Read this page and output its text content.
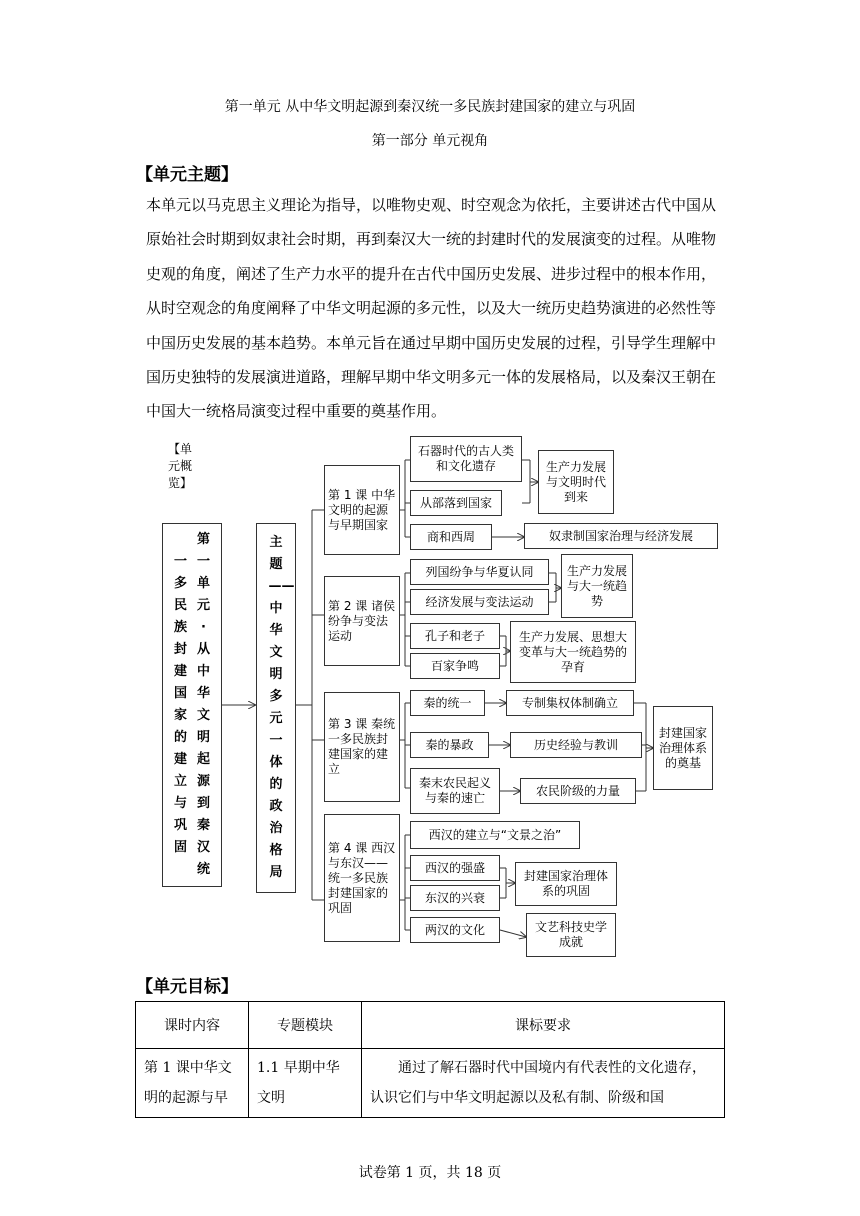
第一单元 从中华文明起源到秦汉统一多民族封建国家的建立与巩固
第一部分 单元视角
【单元主题】
本单元以马克思主义理论为指导，以唯物史观、时空观念为依托，主要讲述古代中国从
原始社会时期到奴隶社会时期，再到秦汉大一统的封建时代的发展演变的过程。从唯物
史观的角度，阐述了生产力水平的提升在古代中国历史发展、进步过程中的根本作用，
从时空观念的角度阐释了中华文明起源的多元性，以及大一统历史趋势演进的必然性等
中国历史发展的基本趋势。本单元旨在通过早期中国历史发展的过程，引导学生理解中
国历史独特的发展演进道路，理解早期中华文明多元一体的发展格局，以及秦汉王朝在
中国大一统格局演变过程中重要的奠基作用。
【单元概览】
一多民族封建国家的建立与巩固
第一单元·从中华文明起源到秦汉统
主题——中华文明多元一体的政治格局
第 1 课 中华文明的起源与早期国家
第 2 课 诸侯纷争与变法运动
第 3 课 秦统一多民族封建国家的建立
第 4 课 西汉与东汉——统一多民族封建国家的巩固
石器时代的古人类和文化遗存
从部落到国家
商和西周
生产力发展与文明时代到来
奴隶制国家治理与经济发展
列国纷争与华夏认同
经济发展与变法运动
孔子和老子
百家争鸣
生产力发展与大一统趋势
生产力发展、思想大变革与大一统趋势的孕育
秦的统一
秦的暴政
秦末农民起义与秦的速亡
专制集权体制确立
历史经验与教训
农民阶级的力量
封建国家治理体系的奠基
西汉的建立与“文景之治”
西汉的强盛
东汉的兴衰
两汉的文化
封建国家治理体系的巩固
文艺科技史学成就
【单元目标】
课时内容	专题模块	课标要求
第 1 课中华文明的起源与早	1.1 早期中华文明	通过了解石器时代中国境内有代表性的文化遗存，认识它们与中华文明起源以及私有制、阶级和国
试卷第 1 页，共 18 页
